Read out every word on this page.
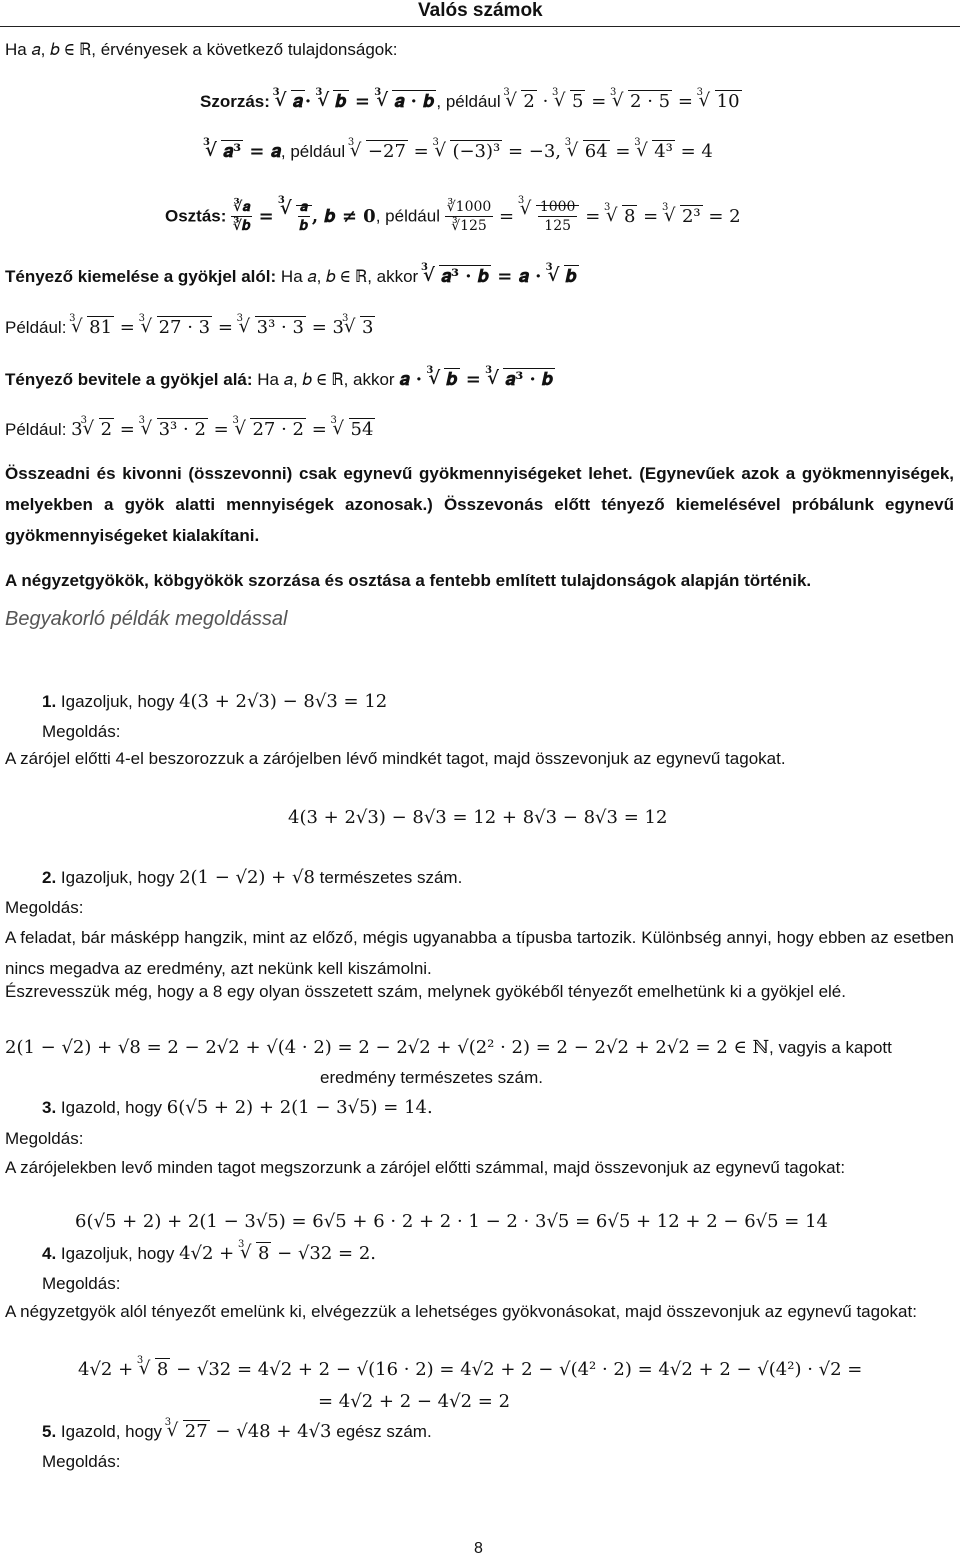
Valós számok
Ha 𝑎, 𝑏 ∈ ℝ, érvényesek a következő tulajdonságok:
Szorzás: √ 3 𝒂 ·
√ 3 𝒃 =
√ 3 𝒂 · 𝒃 , például √ 3 2 ·
√ 3 5 =
√ 3 2 · 5 =
√ 3 10
√ 3 𝒂³ = 𝒂, például √ 3 −27 =
√ 3 (−3)³ = −3,
√ 3 64 =
√ 3 4³ = 4
Osztás: $\frac{\text{∛𝒂}}{\text{∛𝒃}}$ =
√ $3 \frac{\text{𝒂}}{\text{𝒃}}$ , 𝒃 ≠ 𝟎, például $\frac{∛1000}{∛125}$ =
√ $3 \frac{1000}{125}$ =
√ 3 8 =
√ 3 2³ = 2
Tényező kiemelése a gyökjel alól: Ha 𝑎, 𝑏 ∈ ℝ, akkor √ 3 𝒂³ · 𝒃 = 𝒂 ·
√ 3 𝒃
Például: √ 3 81 =
√ 3 27 · 3 =
√ 3 3³ · 3 = 3
√ 3 3
Tényező bevitele a gyökjel alá: Ha 𝑎, 𝑏 ∈ ℝ, akkor 𝒂 ·
√ 3 𝒃 =
√ 3 𝒂³ · 𝒃
Például: 3
√ 3 2 =
√ 3 3³ · 2 =
√ 3 27 · 2 =
√ 3 54
Összeadni és kivonni (összevonni) csak egynevű gyökmennyiségeket lehet. (Egynevűek azok a gyökmennyiségek, melyekben a gyök alatti mennyiségek azonosak.) Összevonás előtt tényező kiemelésével próbálunk egynevű gyökmennyiségeket kialakítani.
A négyzetgyökök, köbgyökök szorzása és osztása a fentebb említett tulajdonságok alapján történik.
Begyakorló példák megoldással
1. Igazoljuk, hogy 4(3 + 2√3) − 8√3 = 12
Megoldás:
A zárójel előtti 4-el beszorozzuk a zárójelben lévő mindkét tagot, majd összevonjuk az egynevű tagokat.
4(3 + 2√3) − 8√3 = 12 + 8√3 − 8√3 = 12
2. Igazoljuk, hogy 2(1 − √2) + √8 természetes szám.
Megoldás:
A feladat, bár másképp hangzik, mint az előző, mégis ugyanabba a típusba tartozik. Különbség annyi, hogy ebben az esetben nincs megadva az eredmény, azt nekünk kell kiszámolni.
Észrevesszük még, hogy a 8 egy olyan összetett szám, melynek gyökéből tényezőt emelhetünk ki a gyökjel elé.
2(1 − √2) + √8 = 2 − 2√2 + √(4 · 2) = 2 − 2√2 + √(2² · 2) = 2 − 2√2 + 2√2 = 2 ∈ ℕ, vagyis a kapott
eredmény természetes szám.
3. Igazold, hogy 6(√5 + 2) + 2(1 − 3√5) = 14.
Megoldás:
A zárójelekben levő minden tagot megszorzunk a zárójel előtti számmal, majd összevonjuk az egynevű tagokat:
6(√5 + 2) + 2(1 − 3√5) = 6√5 + 6 · 2 + 2 · 1 − 2 · 3√5 = 6√5 + 12 + 2 − 6√5 = 14
4. Igazoljuk, hogy 4√2 +
√ 3 8 − √32 = 2.
Megoldás:
A négyzetgyök alól tényezőt emelünk ki, elvégezzük a lehetséges gyökvonásokat, majd összevonjuk az egynevű tagokat:
4√2 +
√ 3 8 − √32 = 4√2 + 2 − √(16 · 2) = 4√2 + 2 − √(4² · 2) = 4√2 + 2 − √(4²) · √2 =
= 4√2 + 2 − 4√2 = 2
5. Igazold, hogy √ 3 27 − √48 + 4√3 egész szám.
Megoldás:
8
